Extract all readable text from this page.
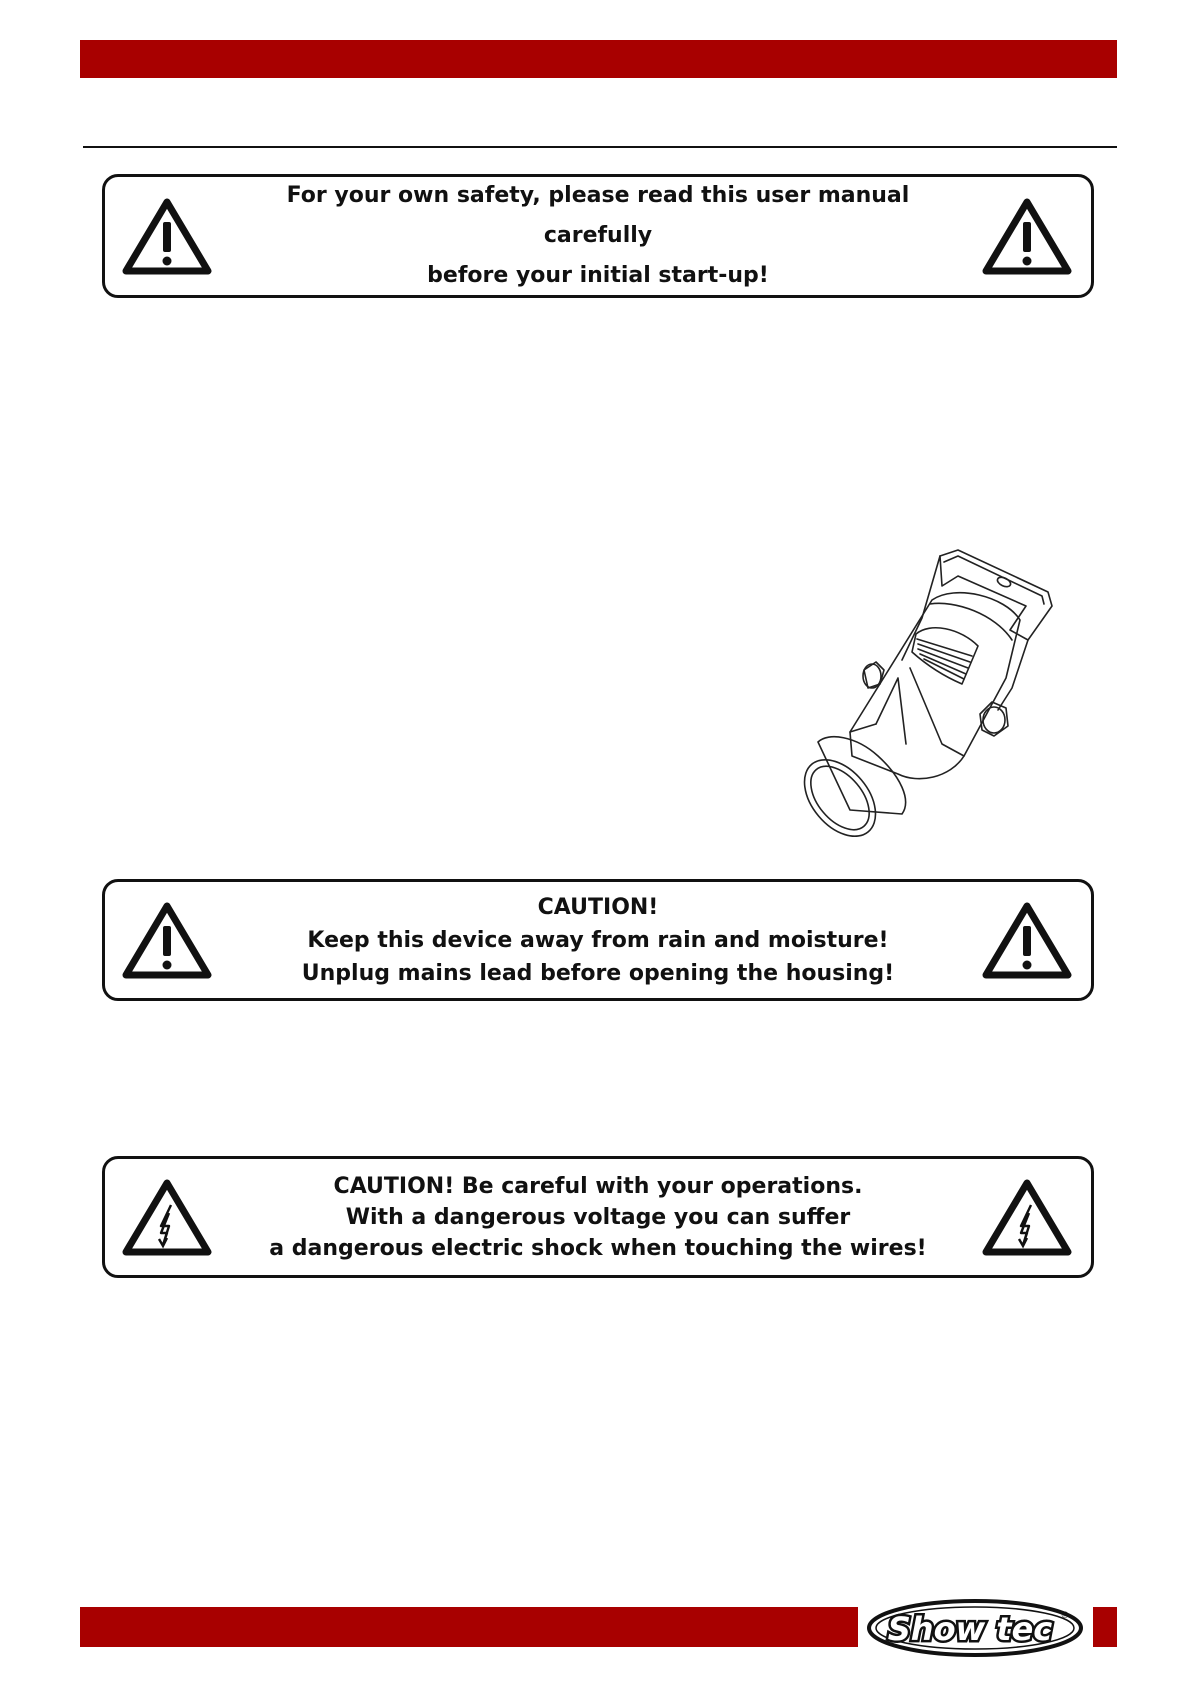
For your own safety, please read this user manual carefully
before your initial start-up!
CAUTION!
Keep this device away from rain and moisture!
Unplug mains lead before opening the housing!
CAUTION! Be careful with your operations.
With a dangerous voltage you can suffer
a dangerous electric shock when touching the wires!
Show tec ®
